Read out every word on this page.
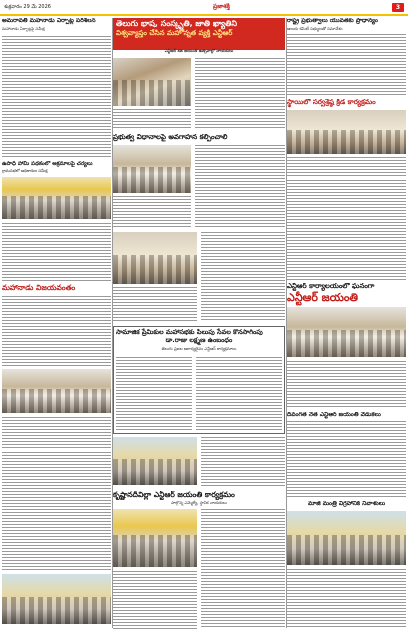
శుక్రవారం 29 మే 2026	ప్రజాశక్తి	3
అమరావతి మహనాడు ఏర్పాట్ల పరిశీలన
మహానాడు ఏర్పాట్లపై సమీక్ష
ఉపాధి హామీ పథకంలో అక్రమాలపై చర్యలు
గ్రామసభలో అధికారుల సమీక్ష
మహానాడు విజయవంతం
తెలుగు భాష, సంస్కృతి, జాతి ఖ్యాతిని
విశ్వవ్యాప్తం చేసిన మహోన్నత వ్యక్తి ఎన్టీఆర్
ఎన్టీఆర్ శత జయంతి ఉత్సవాల్లో నాయకులు
ప్రభుత్వ విధానాలపై అవగాహన కల్పించాలి
సామాజిక ప్రేమికుల మహాసభకు పిలుపు సేవల కొనసాగింపు
డా.రాజు లక్ష్మణ ఉంబంధం
తెలుగు ప్రజల ఆరాధ్యదైవం ఎన్టీఆర్ కార్యక్రమాలు
కృష్ణానదీవిల్లా ఎన్టీఆర్ జయంతి కార్యక్రమం
పాల్గొన్న ఎమ్మెల్యే, స్థానిక నాయకులు
రాష్ట్ర ప్రభుత్వాలు యువతకు ప్రాధాన్యం
ఆలయ కమిటీ సభ్యులతో సమావేశం
స్థాయిలో సర్వశ్రేష్ఠ క్రీడ కార్యక్రమం
ఎన్టీఆర్ కార్యాలయంలో ఘనంగా
ఎన్టీఆర్ జయంతి
దివంగత నేత ఎన్టీఆర్ జయంతి వేడుకలు
మాజీ మంత్రి విగ్రహానికి నివాళులు
